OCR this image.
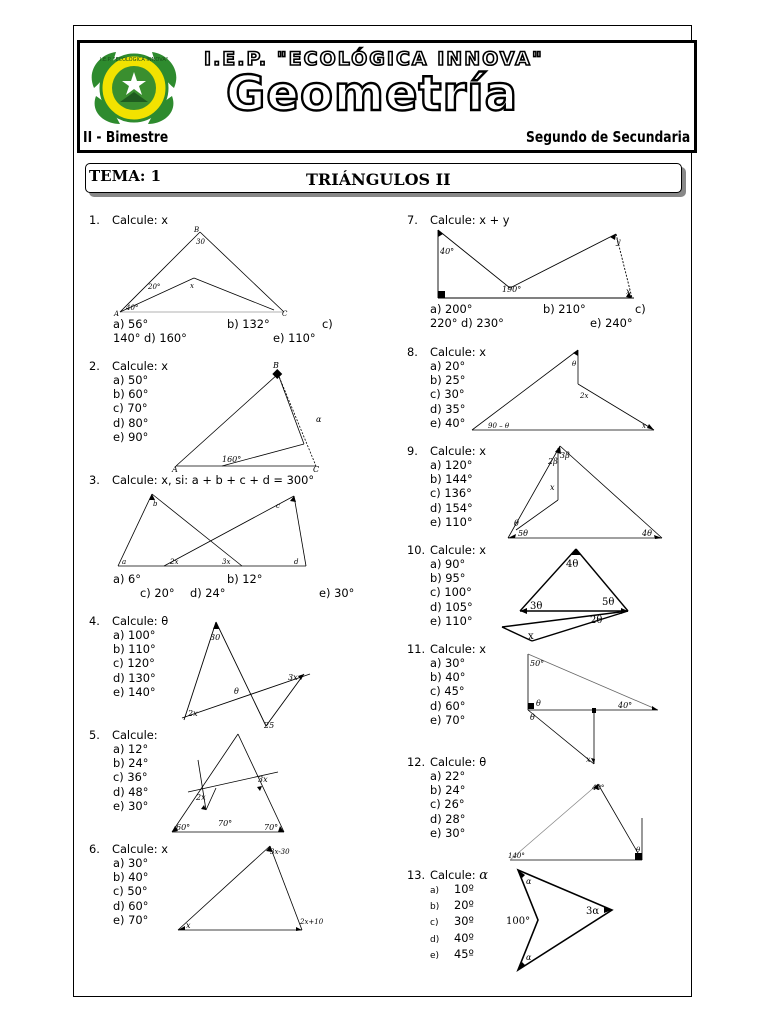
I.E.P. "ECOLÓGICA INNOVA" I.E.P. "ECOLÓGICA INNOVA"
Geometría
II - Bimestre	Segundo de Secundaria
TEMA: 1	TRIÁNGULOS II
1. Calcule: x
B
30
20°	x
40°
A	C
a) 56°	b) 132°	c)
140° d) 160°	e) 110°
2. Calcule: x
a) 50°
b) 60°
c) 70°
d) 80°
e) 90°
B
α
160°
A	C
3. Calcule: x, si: a + b + c + d = 300°
b	c
a	2x	3x	d
a) 6°	b) 12°
c) 20° d) 24°	e) 30°
4. Calcule: θ
a) 100°
b) 110°
c) 120°
d) 130°
e) 140°
30
θ
3x
2x
25
5. Calcule:
a) 12°
b) 24°
c) 36°
d) 48°
e) 30°
3x
2x
60°	70°	70°
6. Calcule: x
a) 30°
b) 40°
c) 50°
d) 60°
e) 70°
3x-30
2x+10
x
7. Calcule: x + y
40°
190°
y
x
a) 200°	b) 210°	c)
220° d) 230°	e) 240°
8. Calcule: x
a) 20°
b) 25°
c) 30°
d) 35°
e) 40°
θ
2x
90 – θ	x
9. Calcule: x
a) 120°
b) 144°
c) 136°
d) 154°
e) 110°
2β
3β
x
θ
5θ	4θ
10. Calcule: x
a) 90°
b) 95°
c) 100°
d) 105°
e) 110°
4θ
3θ	5θ
2θ
x
11. Calcule: x
a) 30°
b) 40°
c) 45°
d) 60°
e) 70°
50°
40°
θ
θ
x
12. Calcule: θ
a) 22°
b) 24°
c) 26°
d) 28°
e) 30°
40°
140°
θ
13. Calcule: α
a) 10º
b) 20º
c) 30º
d) 40º
e) 45º
100°
3α
α
α
